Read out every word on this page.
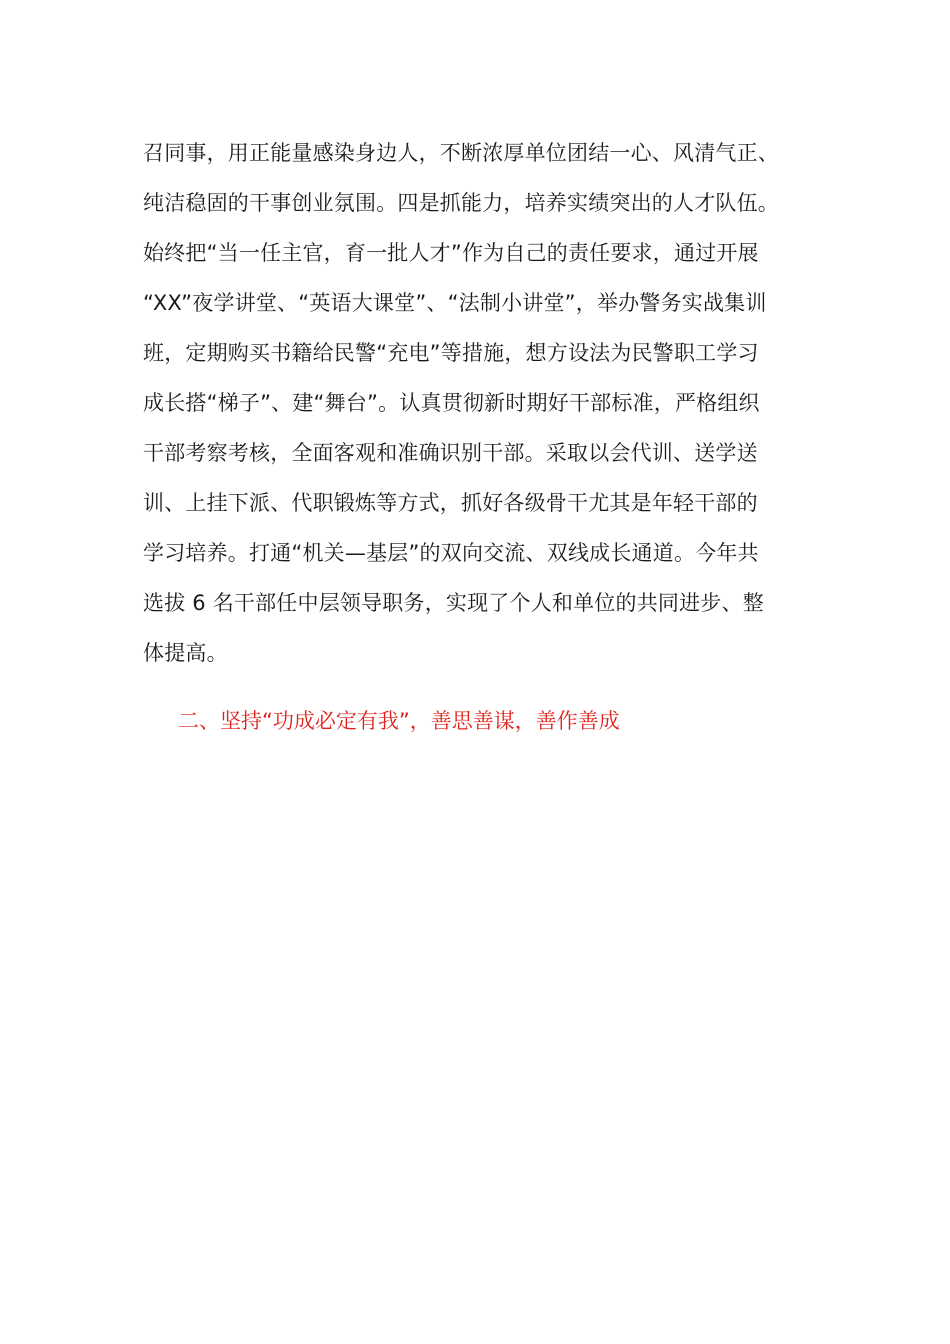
召同事，用正能量感染身边人，不断浓厚单位团结一心、风清气正、
纯洁稳固的干事创业氛围。四是抓能力，培养实绩突出的人才队伍。
始终把“当一任主官，育一批人才”作为自己的责任要求，通过开展
“XX”夜学讲堂、“英语大课堂”、“法制小讲堂”，举办警务实战集训
班，定期购买书籍给民警“充电”等措施，想方设法为民警职工学习
成长搭“梯子”、建“舞台”。认真贯彻新时期好干部标准，严格组织
干部考察考核，全面客观和准确识别干部。采取以会代训、送学送
训、上挂下派、代职锻炼等方式，抓好各级骨干尤其是年轻干部的
学习培养。打通“机关—基层”的双向交流、双线成长通道。今年共
选拔 6 名干部任中层领导职务，实现了个人和单位的共同进步、整
体提高。

二、坚持“功成必定有我”，善思善谋，善作善成
